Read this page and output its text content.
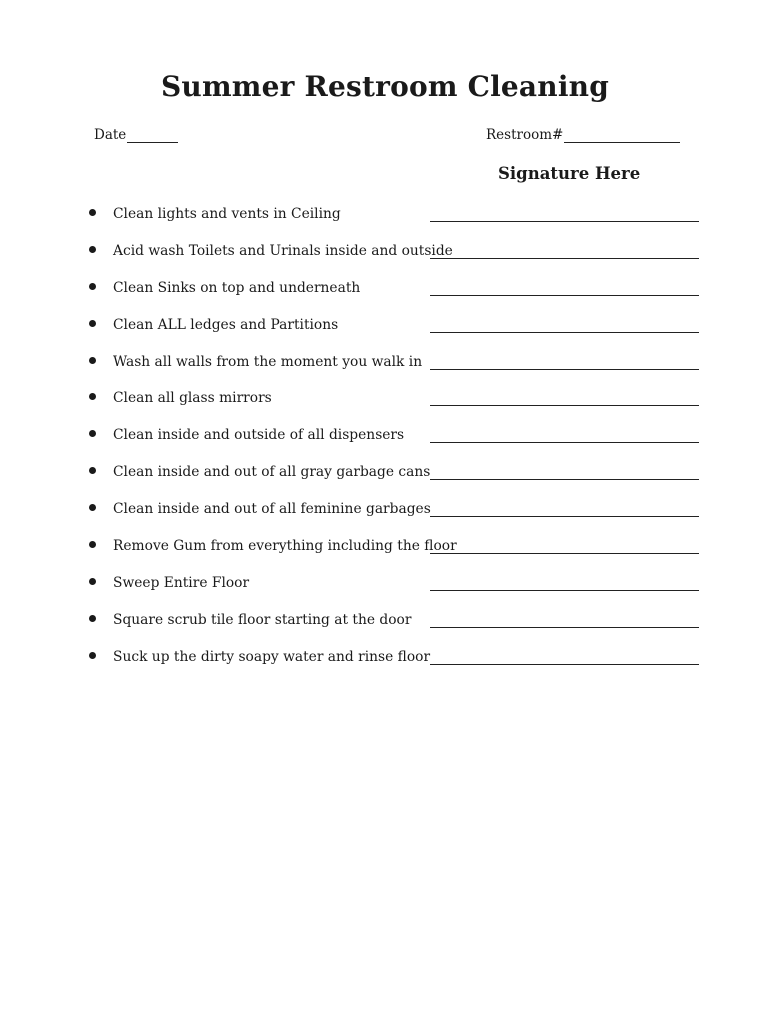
Summer Restroom Cleaning
Date	Restroom#
Signature Here
Clean lights and vents in Ceiling
Acid wash Toilets and Urinals inside and outside
Clean Sinks on top and underneath
Clean ALL ledges and Partitions
Wash all walls from the moment you walk in
Clean all glass mirrors
Clean inside and outside of all dispensers
Clean inside and out of all gray garbage cans
Clean inside and out of all feminine garbages
Remove Gum from everything including the floor
Sweep Entire Floor
Square scrub tile floor starting at the door
Suck up the dirty soapy water and rinse floor
